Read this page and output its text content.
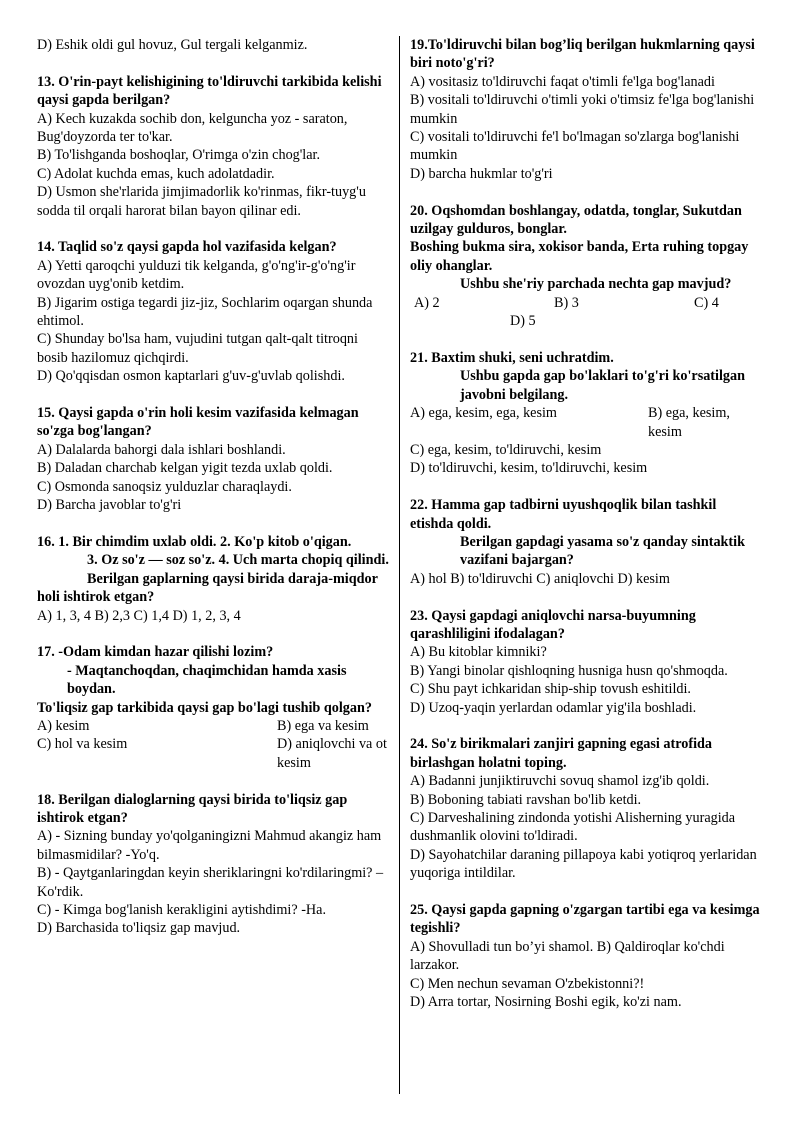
D) Eshik oldi gul hovuz, Gul tergali kelganmiz.
13. O'rin-payt kelishigining to'ldiruvchi tarkibida kelishi qaysi gapda berilgan?
A) Kech kuzakda sochib don, kelguncha yoz - saraton, Bug'doyzorda ter to'kar.
B) To'lishganda boshoqlar, O'rimga o'zin chog'lar.
C) Adolat kuchda emas, kuch adolatdadir.
D) Usmon she'rlarida jimjimadorlik ko'rinmas, fikr-tuyg'u sodda til orqali harorat bilan bayon qilinar edi.
14. Taqlid so'z qaysi gapda hol vazifasida kelgan?
A) Yetti qaroqchi yulduzi tik kelganda, g'o'ng'ir-g'o'ng'ir ovozdan uyg'onib ketdim.
B) Jigarim ostiga tegardi jiz-jiz, Sochlarim oqargan shunda ehtimol.
C) Shunday bo'lsa ham, vujudini tutgan qalt-qalt titroqni bosib hazilomuz qichqirdi.
D) Qo'qqisdan osmon kaptarlari g'uv-g'uvlab qolishdi.
15. Qaysi gapda o'rin holi kesim vazifasida kelmagan so'zga bog'langan?
A) Dalalarda bahorgi dala ishlari boshlandi.
B) Daladan charchab kelgan yigit tezda uxlab qoldi.
C) Osmonda sanoqsiz yulduzlar charaqlaydi.
D) Barcha javoblar to'g'ri
16. 1. Bir chimdim uxlab oldi. 2. Ko'p kitob o'qigan.
3. Oz so'z — soz so'z. 4. Uch marta chopiq qilindi.
Berilgan gaplarning qaysi birida daraja-miqdor
holi ishtirok etgan?
A) 1, 3, 4 B) 2,3 C) 1,4 D) 1, 2, 3, 4
17. -Odam kimdan hazar qilishi lozim?
- Maqtanchoqdan, chaqimchidan hamda xasis boydan.
To'liqsiz gap tarkibida qaysi gap bo'lagi tushib qolgan?
A) kesim	B) ega va kesim
C) hol va kesim	D) aniqlovchi va ot kesim
18. Berilgan dialoglarning qaysi birida to'liqsiz gap ishtirok etgan?
A) - Sizning bunday yo'qolganingizni Mahmud akangiz ham bilmasmidilar? -Yo'q.
B) - Qaytganlaringdan keyin sheriklaringni ko'rdilaringmi? –Ko'rdik.
C) - Kimga bog'lanish kerakligini aytishdimi? -Ha.
D) Barchasida to'liqsiz gap mavjud.
19.To'ldiruvchi bilan bog’liq berilgan hukmlarning qaysi biri noto'g'ri?
A) vositasiz to'ldiruvchi faqat o'timli fe'lga bog'lanadi
B) vositali to'ldiruvchi o'timli yoki o'timsiz fe'lga bog'lanishi mumkin
C) vositali to'ldiruvchi fe'l bo'lmagan so'zlarga bog'lanishi mumkin
D) barcha hukmlar to'g'ri
20. Oqshomdan boshlangay, odatda, tonglar, Sukutdan uzilgay gulduros, bonglar.
Boshing bukma sira, xokisor banda, Erta ruhing topgay oliy ohanglar.
Ushbu she'riy parchada nechta gap mavjud?
A) 2	B) 3	C) 4
D) 5
21. Baxtim shuki, seni uchratdim.
Ushbu gapda gap bo'laklari to'g'ri ko'rsatilgan javobni belgilang.
A) ega, kesim, ega, kesim	B) ega, kesim, kesim
C) ega, kesim, to'ldiruvchi, kesim
D) to'ldiruvchi, kesim, to'ldiruvchi, kesim
22. Hamma gap tadbirni uyushqoqlik bilan tashkil etishda qoldi.
Berilgan gapdagi yasama so'z qanday sintaktik vazifani bajargan?
A) hol B) to'ldiruvchi C) aniqlovchi D) kesim
23. Qaysi gapdagi aniqlovchi narsa-buyumning qarashliligini ifodalagan?
A) Bu kitoblar kimniki?
B) Yangi binolar qishloqning husniga husn qo'shmoqda.
C) Shu payt ichkaridan ship-ship tovush eshitildi.
D) Uzoq-yaqin yerlardan odamlar yig'ila boshladi.
24. So'z birikmalari zanjiri gapning egasi atrofida birlashgan holatni toping.
A) Badanni junjiktiruvchi sovuq shamol izg'ib qoldi.
B) Boboning tabiati ravshan bo'lib ketdi.
C) Darveshalining zindonda yotishi Alisherning yuragida dushmanlik olovini to'ldiradi.
D) Sayohatchilar daraning pillapoya kabi yotiqroq yerlaridan yuqoriga intildilar.
25. Qaysi gapda gapning o'zgargan tartibi ega va kesimga tegishli?
A) Shovulladi tun bo’yi shamol. B) Qaldiroqlar ko'chdi larzakor.
C) Men nechun sevaman O'zbekistonni?!
D) Arra tortar, Nosirning Boshi egik, ko'zi nam.
